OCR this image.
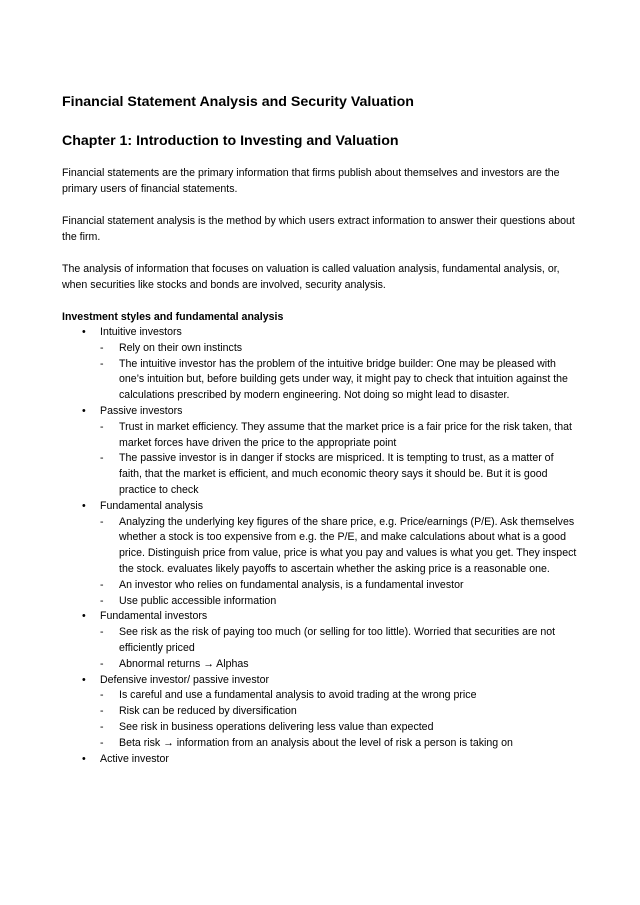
Financial Statement Analysis and Security Valuation
Chapter 1: Introduction to Investing and Valuation

Financial statements are the primary information that firms publish about themselves and investors are the primary users of financial statements.

Financial statement analysis is the method by which users extract information to answer their questions about the firm.

The analysis of information that focuses on valuation is called valuation analysis, fundamental analysis, or, when securities like stocks and bonds are involved, security analysis.

Investment styles and fundamental analysis
• Intuitive investors
- Rely on their own instincts
- The intuitive investor has the problem of the intuitive bridge builder: One may be pleased with one’s intuition but, before building gets under way, it might pay to check that intuition against the calculations prescribed by modern engineering. Not doing so might lead to disaster.
• Passive investors
- Trust in market efficiency. They assume that the market price is a fair price for the risk taken, that market forces have driven the price to the appropriate point
- The passive investor is in danger if stocks are mispriced. It is tempting to trust, as a matter of faith, that the market is efficient, and much economic theory says it should be. But it is good practice to check
• Fundamental analysis
- Analyzing the underlying key figures of the share price, e.g. Price/earnings (P/E). Ask themselves whether a stock is too expensive from e.g. the P/E, and make calculations about what is a good price. Distinguish price from value, price is what you pay and values is what you get. They inspect the stock. evaluates likely payoffs to ascertain whether the asking price is a reasonable one.
- An investor who relies on fundamental analysis, is a fundamental investor
- Use public accessible information
• Fundamental investors
- See risk as the risk of paying too much (or selling for too little). Worried that securities are not efficiently priced
- Abnormal returns → Alphas
• Defensive investor/ passive investor
- Is careful and use a fundamental analysis to avoid trading at the wrong price
- Risk can be reduced by diversification
- See risk in business operations delivering less value than expected
- Beta risk → information from an analysis about the level of risk a person is taking on
• Active investor
